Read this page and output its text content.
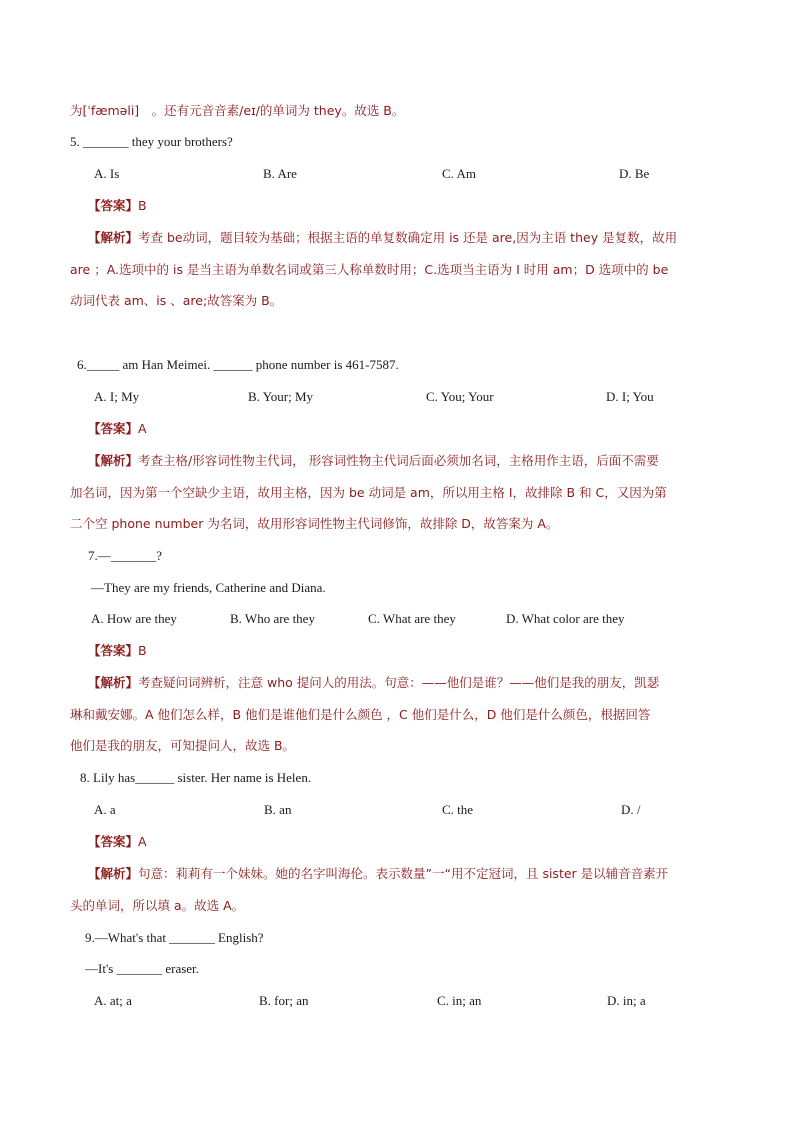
为[ˈfæməli]　。还有元音音素/eɪ/的单词为 they。故选 B。
5. _______ they your brothers?
A. Is	B. Are	C. Am	D. Be
【答案】B
【解析】考查 be动词，题目较为基础；根据主语的单复数确定用 is 还是 are,因为主语 they 是复数，故用
are ；A.选项中的 is 是当主语为单数名词或第三人称单数时用；C.选项当主语为 I 时用 am；D 选项中的 be
动词代表 am、is 、are;故答案为 B。
6._____ am Han Meimei. ______ phone number is 461-7587.
A. I; My	B. Your; My	C. You; Your	D. I; You
【答案】A
【解析】考查主格/形容词性物主代词， 形容词性物主代词后面必须加名词，主格用作主语，后面不需要
加名词，因为第一个空缺少主语，故用主格，因为 be 动词是 am，所以用主格 I，故排除 B 和 C，又因为第
二个空 phone number 为名词，故用形容词性物主代词修饰，故排除 D，故答案为 A。
7.—_______?
—They are my friends, Catherine and Diana.
A. How are they	B. Who are they	C. What are they	D. What color are they
【答案】B
【解析】考查疑问词辨析，注意 who 提问人的用法。句意：——他们是谁？——他们是我的朋友，凯瑟
琳和戴安娜。A 他们怎么样，B 他们是谁他们是什么颜色 ，C 他们是什么，D 他们是什么颜色，根据回答
他们是我的朋友，可知提问人，故选 B。
8. Lily has______ sister. Her name is Helen.
A. a	B. an	C. the	D. /
【答案】A
【解析】句意：莉莉有一个妹妹。她的名字叫海伦。表示数量”一“用不定冠词，且 sister 是以辅音音素开
头的单词，所以填 a。故选 A。
9.—What's that _______ English?
—It's _______ eraser.
A. at; a	B. for; an	C. in; an	D. in; a
